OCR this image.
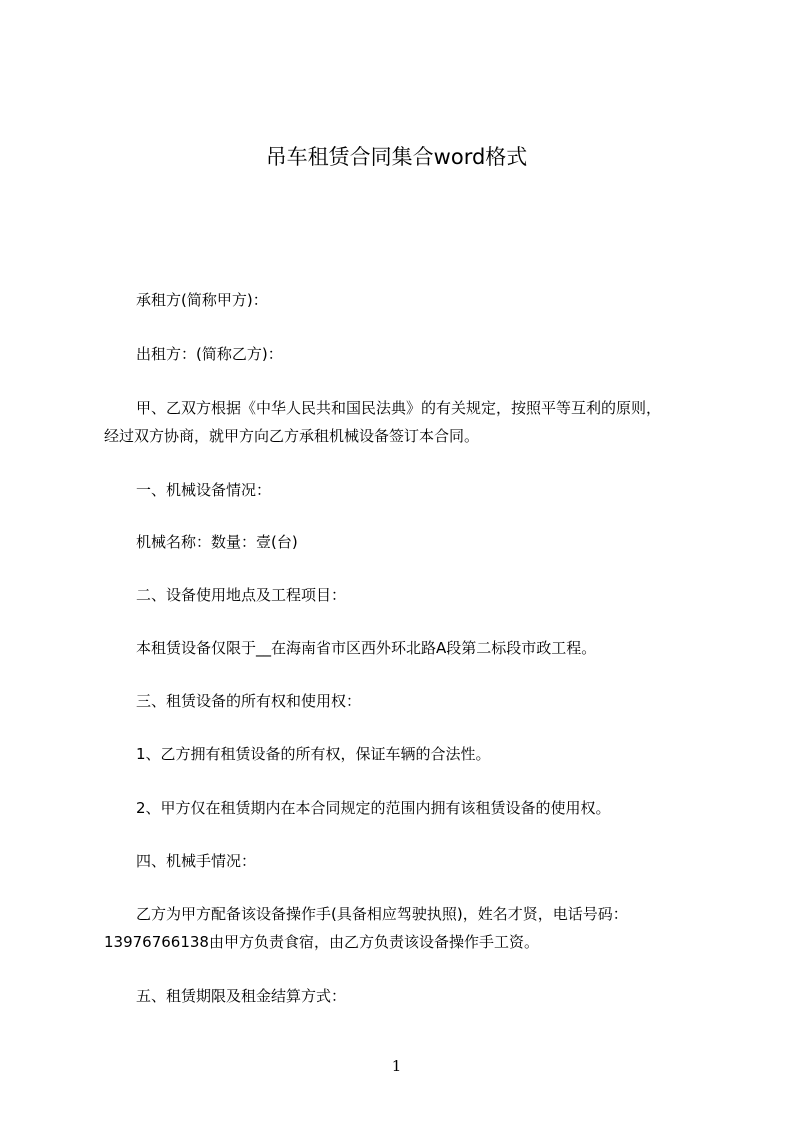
吊车租赁合同集合word格式
承租方(简称甲方)：
出租方：(简称乙方)：
甲、乙双方根据《中华人民共和国民法典》的有关规定，按照平等互利的原则，
经过双方协商，就甲方向乙方承租机械设备签订本合同。
一、机械设备情况：
机械名称：数量：壹(台)
二、设备使用地点及工程项目：
本租赁设备仅限于__在海南省市区西外环北路A段第二标段市政工程。
三、租赁设备的所有权和使用权：
1、乙方拥有租赁设备的所有权，保证车辆的合法性。
2、甲方仅在租赁期内在本合同规定的范围内拥有该租赁设备的使用权。
四、机械手情况：
乙方为甲方配备该设备操作手(具备相应驾驶执照)，姓名才贤，电话号码：
13976766138由甲方负责食宿，由乙方负责该设备操作手工资。
五、租赁期限及租金结算方式：
1
